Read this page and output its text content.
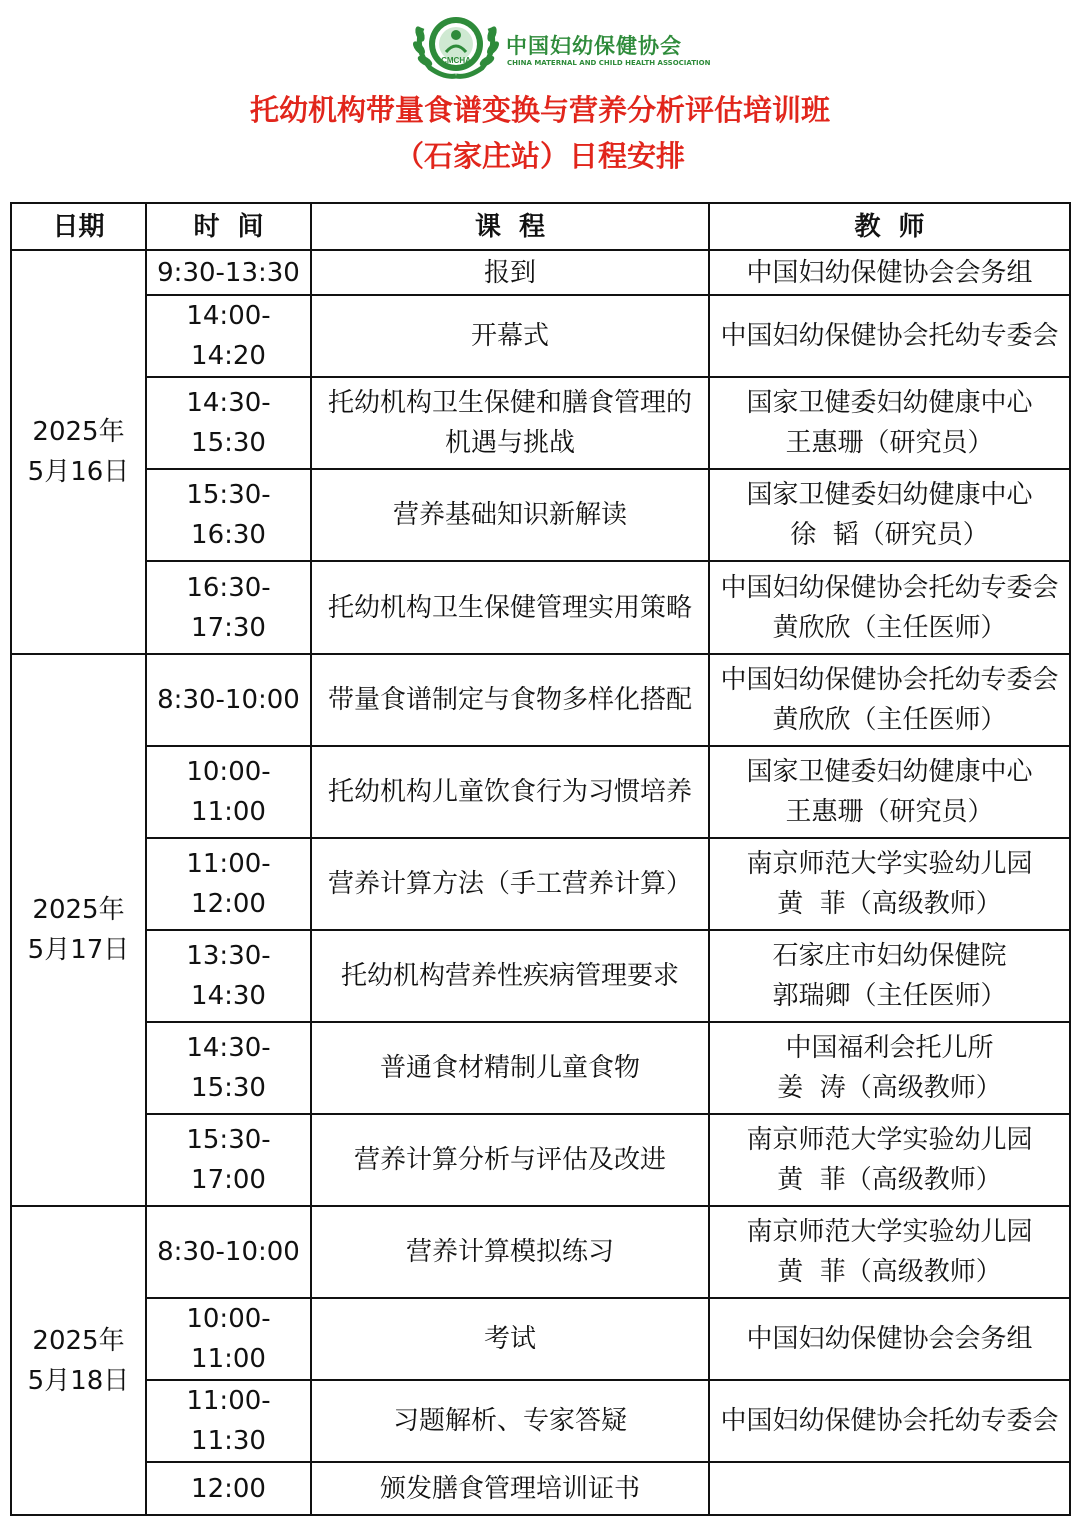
CMCHA
中国妇幼保健协会
CHINA MATERNAL AND CHILD HEALTH ASSOCIATION
托幼机构带量食谱变换与营养分析评估培训班
（石家庄站）日程安排
日期	时  间	课  程	教  师

2025年
5月16日	9:30-13:30	报到	中国妇幼保健协会会务组

	14:00-14:20	开幕式	中国妇幼保健协会托幼专委会

	14:30-15:30	托幼机构卫生保健和膳食管理的
机遇与挑战	国家卫健委妇幼健康中心
王惠珊（研究员）

	15:30-16:30	营养基础知识新解读	国家卫健委妇幼健康中心
徐  韬（研究员）

	16:30-17:30	托幼机构卫生保健管理实用策略	中国妇幼保健协会托幼专委会
黄欣欣（主任医师）

2025年
5月17日	8:30-10:00	带量食谱制定与食物多样化搭配	中国妇幼保健协会托幼专委会
黄欣欣（主任医师）

	10:00-11:00	托幼机构儿童饮食行为习惯培养	国家卫健委妇幼健康中心
王惠珊（研究员）

	11:00-12:00	营养计算方法（手工营养计算）	南京师范大学实验幼儿园
黄  菲（高级教师）

	13:30-14:30	托幼机构营养性疾病管理要求	石家庄市妇幼保健院
郭瑞卿（主任医师）

	14:30-15:30	普通食材精制儿童食物	中国福利会托儿所
姜  涛（高级教师）

	15:30-17:00	营养计算分析与评估及改进	南京师范大学实验幼儿园
黄  菲（高级教师）

2025年
5月18日	8:30-10:00	营养计算模拟练习	南京师范大学实验幼儿园
黄  菲（高级教师）

	10:00-11:00	考试	中国妇幼保健协会会务组

	11:00-11:30	习题解析、专家答疑	中国妇幼保健协会托幼专委会

	12:00	颁发膳食管理培训证书	
